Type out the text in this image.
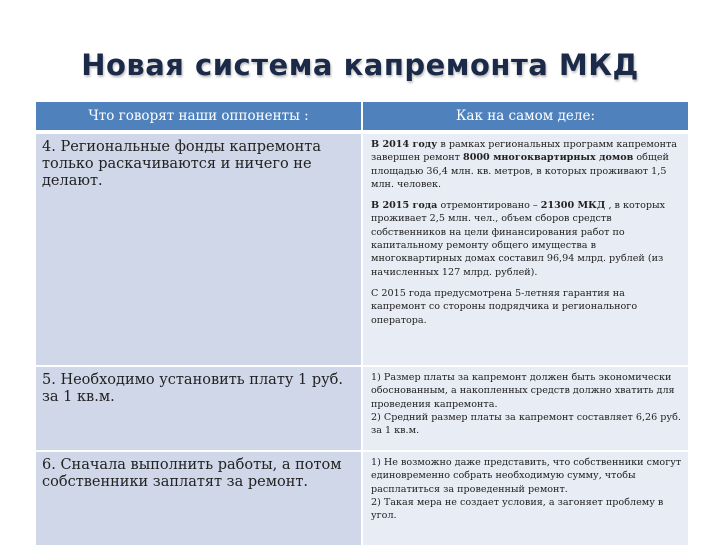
Новая система капремонта МКД
Что говорят наши оппоненты :	Как на самом деле:
4. Региональные фонды капремонта только раскачиваются и ничего не делают.	В 2014 году в рамках региональных программ капремонта завершен ремонт 8000 многоквартирных домов общей площадью 36,4 млн. кв. метров, в которых проживают 1,5 млн. человек.

В 2015 года отремонтировано – 21300 МКД , в которых проживает 2,5 млн. чел., объем сборов средств собственников на цели финансирования работ по капитальному ремонту общего имущества в многоквартирных домах составил 96,94 млрд. рублей (из начисленных 127 млрд. рублей).

С 2015 года предусмотрена 5-летняя гарантия на капремонт со стороны подрядчика и регионального оператора.

5. Необходимо установить плату 1 руб. за 1 кв.м.	1) Размер платы за капремонт должен быть экономически обоснованным, а накопленных средств должно хватить для проведения капремонта.

2) Средний размер платы за капремонт составляет 6,26 руб. за 1 кв.м.

6. Сначала выполнить работы, а потом собственники заплатят за ремонт.	1) Не возможно даже представить, что собственники смогут единовременно собрать необходимую сумму, чтобы расплатиться за проведенный ремонт.

2) Такая мера не создает условия, а загоняет проблему в угол.
